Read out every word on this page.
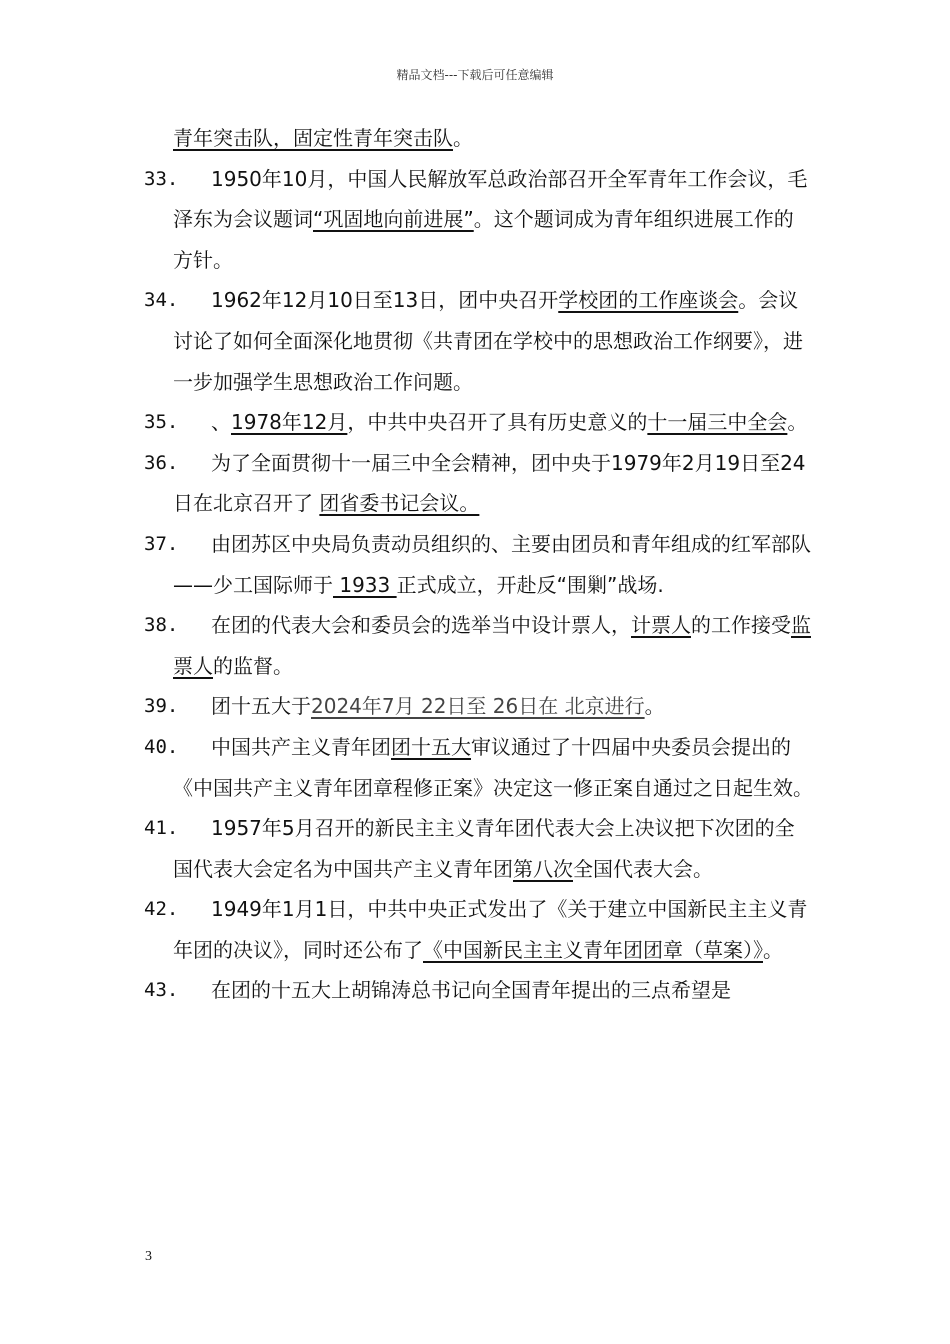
精品文档---下载后可任意编辑
青年突击队，固定性青年突击队。
33.	1950年10月，中国人民解放军总政治部召开全军青年工作会议，毛泽东为会议题词“巩固地向前进展”。这个题词成为青年组织进展工作的方针。
34.	1962年12月10日至13日，团中央召开学校团的工作座谈会。会议讨论了如何全面深化地贯彻《共青团在学校中的思想政治工作纲要》，进一步加强学生思想政治工作问题。
35.	、1978年12月，中共中央召开了具有历史意义的十一届三中全会。
36.	为了全面贯彻十一届三中全会精神，团中央于1979年2月19日至24日在北京召开了 团省委书记会议。
37.	由团苏区中央局负责动员组织的、主要由团员和青年组成的红军部队——少工国际师于 1933 正式成立，开赴反“围剿”战场.
38.	在团的代表大会和委员会的选举当中设计票人，计票人的工作接受监票人的监督。
39.	团十五大于2024年7月 22日至 26日在 北京进行。
40.	中国共产主义青年团团十五大审议通过了十四届中央委员会提出的《中国共产主义青年团章程修正案》决定这一修正案自通过之日起生效。
41.	1957年5月召开的新民主主义青年团代表大会上决议把下次团的全国代表大会定名为中国共产主义青年团第八次全国代表大会。
42.	1949年1月1日，中共中央正式发出了《关于建立中国新民主主义青年团的决议》，同时还公布了《中国新民主主义青年团团章（草案）》。
43.	在团的十五大上胡锦涛总书记向全国青年提出的三点希望是
3
